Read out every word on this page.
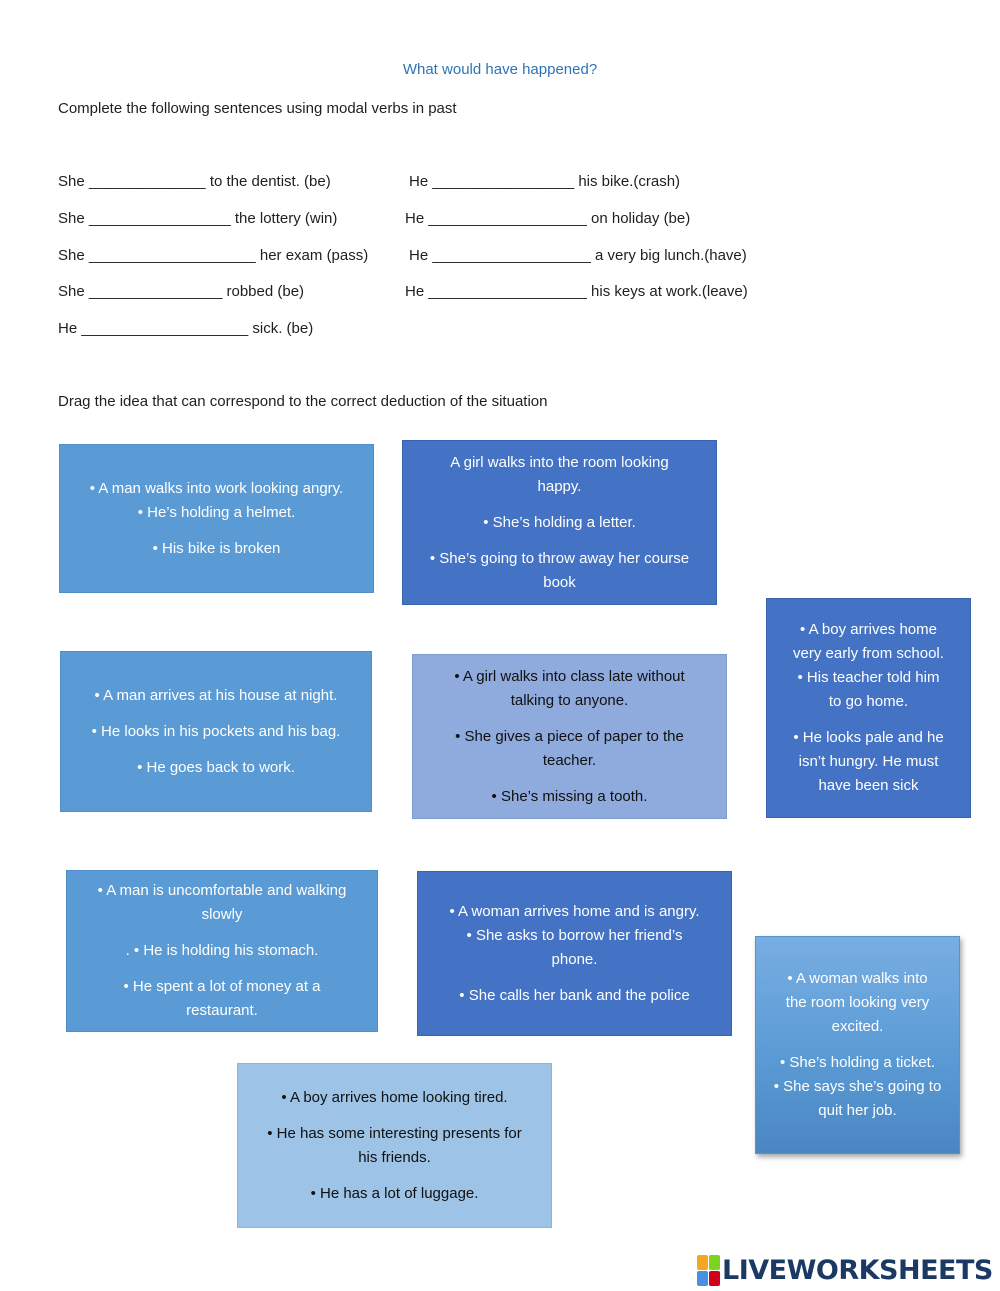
What would have happened?
Complete the following sentences using modal verbs in past
She ______________ to the dentist. (be)
She _________________ the lottery (win)
She ____________________ her exam (pass)
She ________________ robbed (be)
He ____________________ sick. (be)
He _________________ his bike.(crash)
He ___________________ on holiday (be)
He ___________________ a very big lunch.(have)
He ___________________ his keys at work.(leave)
Drag the idea that can correspond to the correct deduction of the situation
• A man walks into work looking angry.
• He’s holding a helmet.
• His bike is broken
A girl walks into the room looking
happy.
• She’s holding a letter.
• She’s going to throw away her course
book
• A boy arrives home
very early from school.
• His teacher told him
to go home.
• He looks pale and he
isn’t hungry. He must
have been sick
• A man arrives at his house at night.
• He looks in his pockets and his bag.
• He goes back to work.
• A girl walks into class late without
talking to anyone.
• She gives a piece of paper to the
teacher.
• She’s missing a tooth.
• A man is uncomfortable and walking
slowly
. • He is holding his stomach.
• He spent a lot of money at a
restaurant.
• A woman arrives home and is angry.
• She asks to borrow her friend’s
phone.
• She calls her bank and the police
• A woman walks into
the room looking very
excited.
• She’s holding a ticket.
• She says she’s going to
quit her job.
• A boy arrives home looking tired.
• He has some interesting presents for
his friends.
• He has a lot of luggage.
LIVEWORKSHEETS
